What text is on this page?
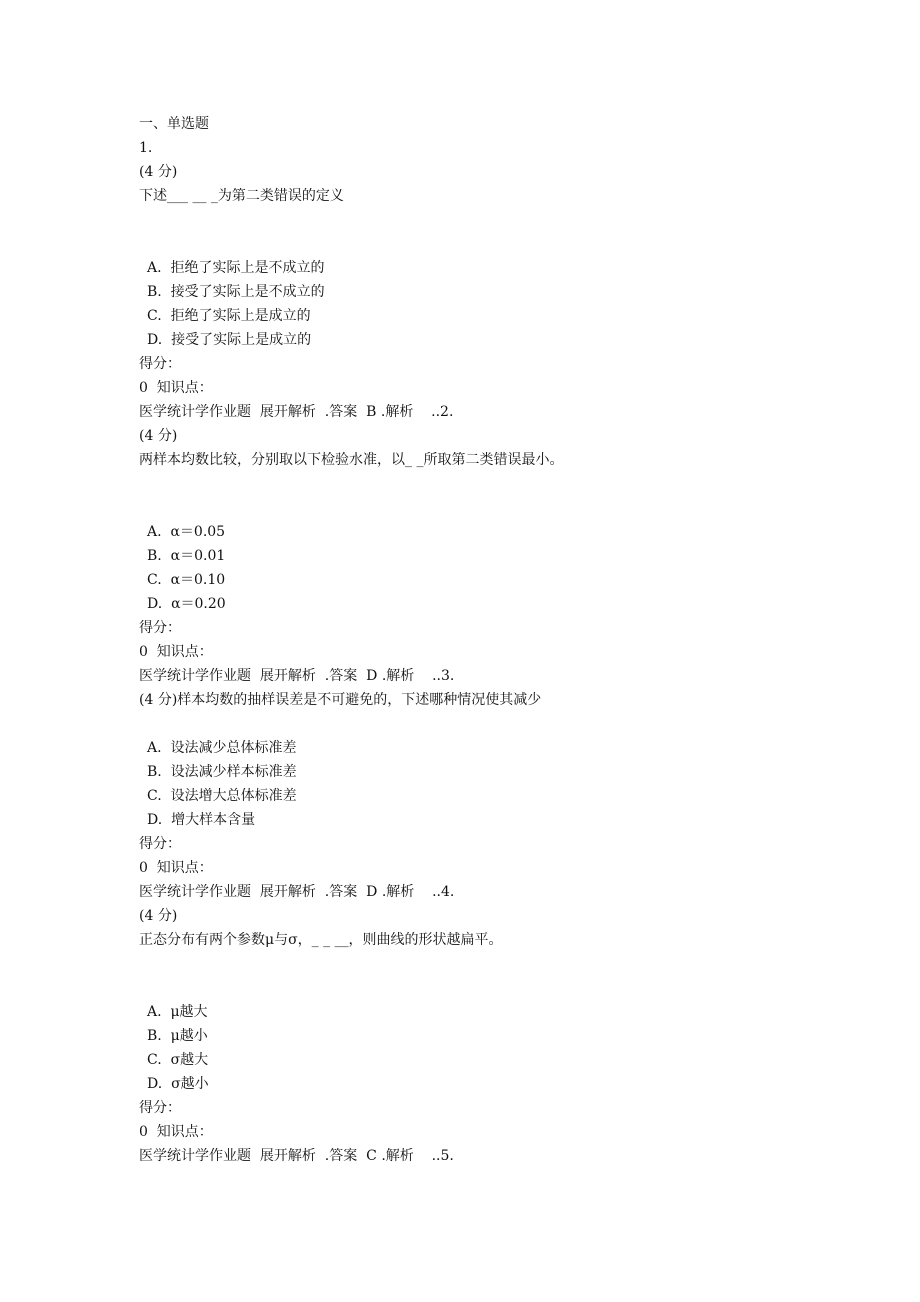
一、单选题
1.
(4 分)
下述___ __ _为第二类错误的定义
A.  拒绝了实际上是不成立的
B.  接受了实际上是不成立的
C.  拒绝了实际上是成立的
D.  接受了实际上是成立的
得分：
0  知识点：
医学统计学作业题  展开解析  .答案  B .解析    ..2.
(4 分)
两样本均数比较，分别取以下检验水准，以_ _所取第二类错误最小。
A.  α＝0.05
B.  α＝0.01
C.  α＝0.10
D.  α＝0.20
得分：
0  知识点：
医学统计学作业题  展开解析  .答案  D .解析    ..3.
(4 分)样本均数的抽样误差是不可避免的，下述哪种情况使其减少
A.  设法减少总体标准差
B.  设法减少样本标准差
C.  设法增大总体标准差
D.  增大样本含量
得分：
0  知识点：
医学统计学作业题  展开解析  .答案  D .解析    ..4.
(4 分)
正态分布有两个参数μ与σ，_ _ __，则曲线的形状越扁平。
A.  μ越大
B.  μ越小
C.  σ越大
D.  σ越小
得分：
0  知识点：
医学统计学作业题  展开解析  .答案  C .解析    ..5.
